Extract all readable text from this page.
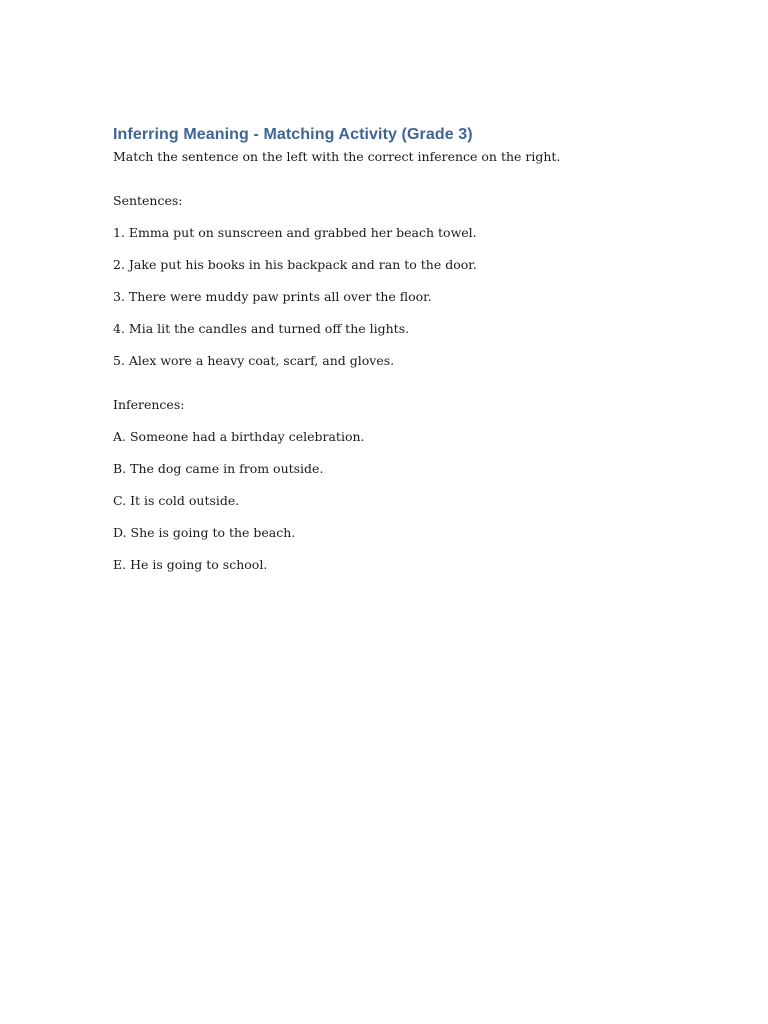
Inferring Meaning - Matching Activity (Grade 3)

Match the sentence on the left with the correct inference on the right.

Sentences:

1. Emma put on sunscreen and grabbed her beach towel.

2. Jake put his books in his backpack and ran to the door.

3. There were muddy paw prints all over the floor.

4. Mia lit the candles and turned off the lights.

5. Alex wore a heavy coat, scarf, and gloves.

Inferences:

A. Someone had a birthday celebration.

B. The dog came in from outside.

C. It is cold outside.

D. She is going to the beach.

E. He is going to school.
